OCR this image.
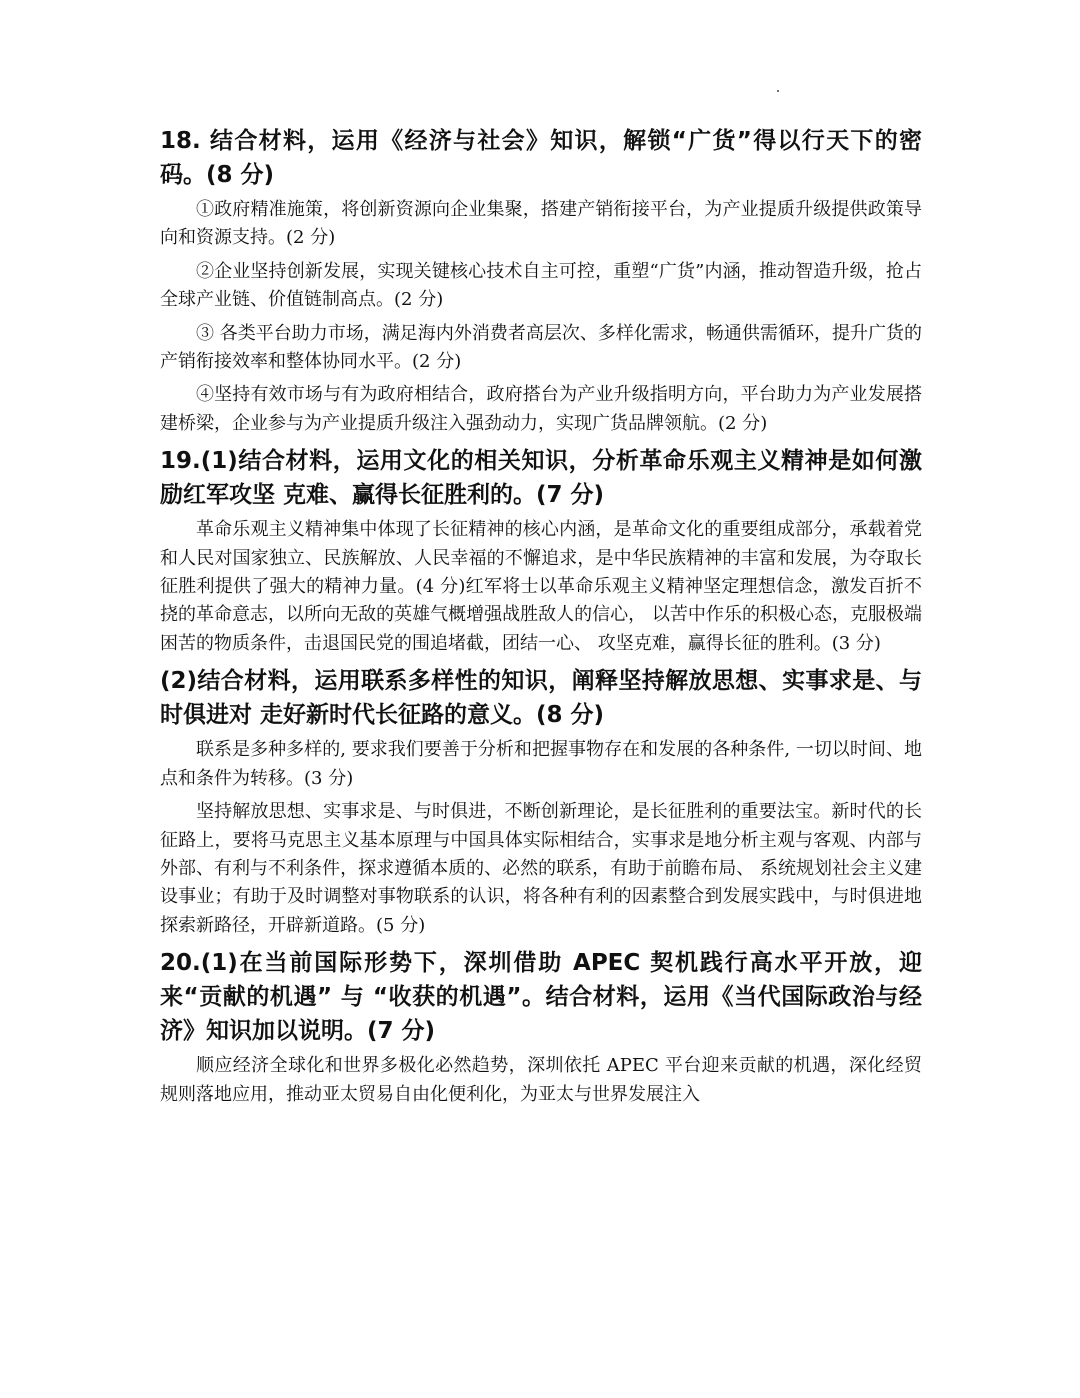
18. 结合材料，运用《经济与社会》知识，解锁“广货”得以行天下的密码。(8 分)

①政府精准施策，将创新资源向企业集聚，搭建产销衔接平台，为产业提质升级提供政策导向和资源支持。(2 分)

②企业坚持创新发展，实现关键核心技术自主可控，重塑“广货”内涵，推动智造升级，抢占全球产业链、价值链制高点。(2 分)

③ 各类平台助力市场，满足海内外消费者高层次、多样化需求，畅通供需循环，提升广货的产销衔接效率和整体协同水平。(2 分)

④坚持有效市场与有为政府相结合，政府搭台为产业升级指明方向，平台助力为产业发展搭建桥梁，企业参与为产业提质升级注入强劲动力，实现广货品牌领航。(2 分)

19.(1)结合材料，运用文化的相关知识，分析革命乐观主义精神是如何激励红军攻坚 克难、赢得长征胜利的。(7 分)

革命乐观主义精神集中体现了长征精神的核心内涵，是革命文化的重要组成部分，承载着党和人民对国家独立、民族解放、人民幸福的不懈追求，是中华民族精神的丰富和发展，为夺取长征胜利提供了强大的精神力量。(4 分)红军将士以革命乐观主义精神坚定理想信念，激发百折不挠的革命意志，以所向无敌的英雄气概增强战胜敌人的信心， 以苦中作乐的积极心态，克服极端困苦的物质条件，击退国民党的围追堵截，团结一心、 攻坚克难，赢得长征的胜利。(3 分)

(2)结合材料，运用联系多样性的知识，阐释坚持解放思想、实事求是、与时俱进对 走好新时代长征路的意义。(8 分)

联系是多种多样的, 要求我们要善于分析和把握事物存在和发展的各种条件, 一切以时间、地点和条件为转移。(3 分)

坚持解放思想、实事求是、与时俱进，不断创新理论，是长征胜利的重要法宝。新时代的长征路上，要将马克思主义基本原理与中国具体实际相结合，实事求是地分析主观与客观、内部与外部、有利与不利条件，探求遵循本质的、必然的联系，有助于前瞻布局、 系统规划社会主义建设事业；有助于及时调整对事物联系的认识，将各种有利的因素整合到发展实践中，与时俱进地探索新路径，开辟新道路。(5 分)

20.(1)在当前国际形势下，深圳借助 APEC 契机践行高水平开放，迎来“贡献的机遇” 与 “收获的机遇”。结合材料，运用《当代国际政治与经济》知识加以说明。(7 分)

顺应经济全球化和世界多极化必然趋势，深圳依托 APEC 平台迎来贡献的机遇，深化经贸规则落地应用，推动亚太贸易自由化便利化，为亚太与世界发展注入
